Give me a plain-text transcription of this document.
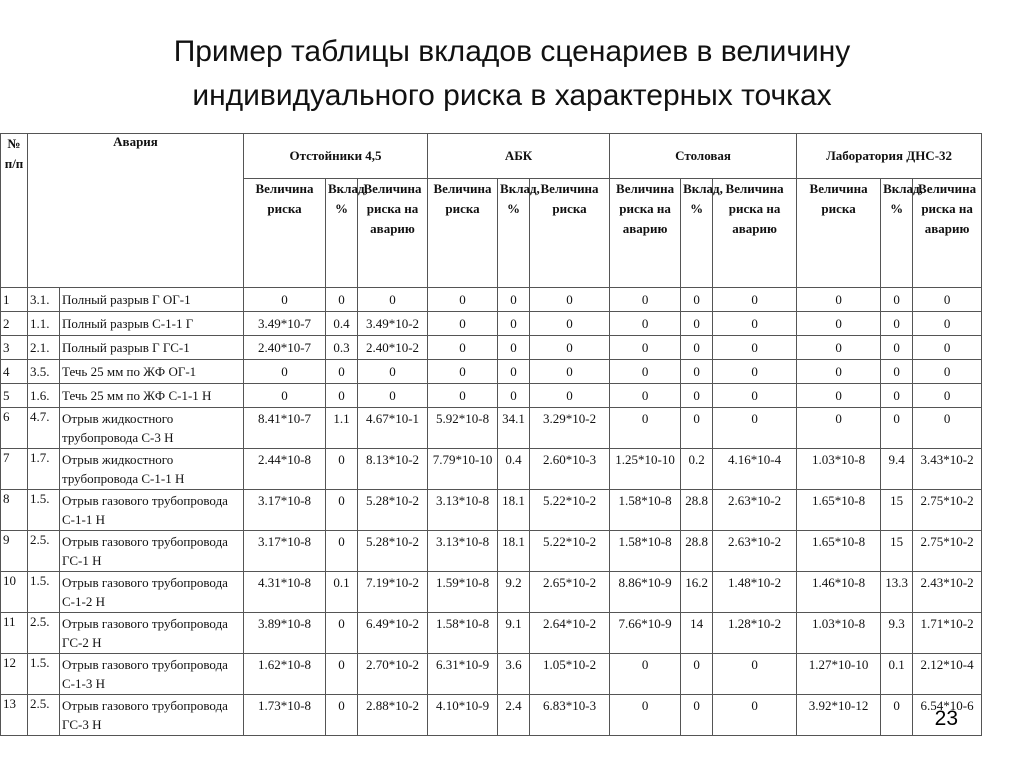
Пример таблицы вкладов сценариев в величину
индивидуального риска в характерных точках
№ п/п	Авария		Отстойники 4,5			АБК			Столовая			Лаборатория ДНС-32		
			Величина риска	Вклад, %	Величина риска на аварию	Величина риска	Вклад, %	Величина риска	Величина риска на аварию	Вклад, %	Величина риска на аварию	Величина риска	Вклад, %	Величина риска на аварию
1	3.1.	Полный разрыв Г ОГ-1	0	0	0	0	0	0	0	0	0	0	0	0
2	1.1.	Полный разрыв С-1-1 Г	3.49*10-7	0.4	3.49*10-2	0	0	0	0	0	0	0	0	0
3	2.1.	Полный разрыв Г ГС-1	2.40*10-7	0.3	2.40*10-2	0	0	0	0	0	0	0	0	0
4	3.5.	Течь 25 мм по ЖФ ОГ-1	0	0	0	0	0	0	0	0	0	0	0	0
5	1.6.	Течь 25 мм по ЖФ С-1-1 Н	0	0	0	0	0	0	0	0	0	0	0	0
6	4.7.	Отрыв жидкостного трубопровода С-3 Н	8.41*10-7	1.1	4.67*10-1	5.92*10-8	34.1	3.29*10-2	0	0	0	0	0	0
7	1.7.	Отрыв жидкостного трубопровода С-1-1 Н	2.44*10-8	0	8.13*10-2	7.79*10-10	0.4	2.60*10-3	1.25*10-10	0.2	4.16*10-4	1.03*10-8	9.4	3.43*10-2
8	1.5.	Отрыв газового трубопровода С-1-1 Н	3.17*10-8	0	5.28*10-2	3.13*10-8	18.1	5.22*10-2	1.58*10-8	28.8	2.63*10-2	1.65*10-8	15	2.75*10-2
9	2.5.	Отрыв газового трубопровода ГС-1 Н	3.17*10-8	0	5.28*10-2	3.13*10-8	18.1	5.22*10-2	1.58*10-8	28.8	2.63*10-2	1.65*10-8	15	2.75*10-2
10	1.5.	Отрыв газового трубопровода С-1-2 Н	4.31*10-8	0.1	7.19*10-2	1.59*10-8	9.2	2.65*10-2	8.86*10-9	16.2	1.48*10-2	1.46*10-8	13.3	2.43*10-2
11	2.5.	Отрыв газового трубопровода ГС-2 Н	3.89*10-8	0	6.49*10-2	1.58*10-8	9.1	2.64*10-2	7.66*10-9	14	1.28*10-2	1.03*10-8	9.3	1.71*10-2
12	1.5.	Отрыв газового трубопровода С-1-3 Н	1.62*10-8	0	2.70*10-2	6.31*10-9	3.6	1.05*10-2	0	0	0	1.27*10-10	0.1	2.12*10-4
13	2.5.	Отрыв газового трубопровода ГС-3 Н	1.73*10-8	0	2.88*10-2	4.10*10-9	2.4	6.83*10-3	0	0	0	3.92*10-12	0	6.54*10-6
23
